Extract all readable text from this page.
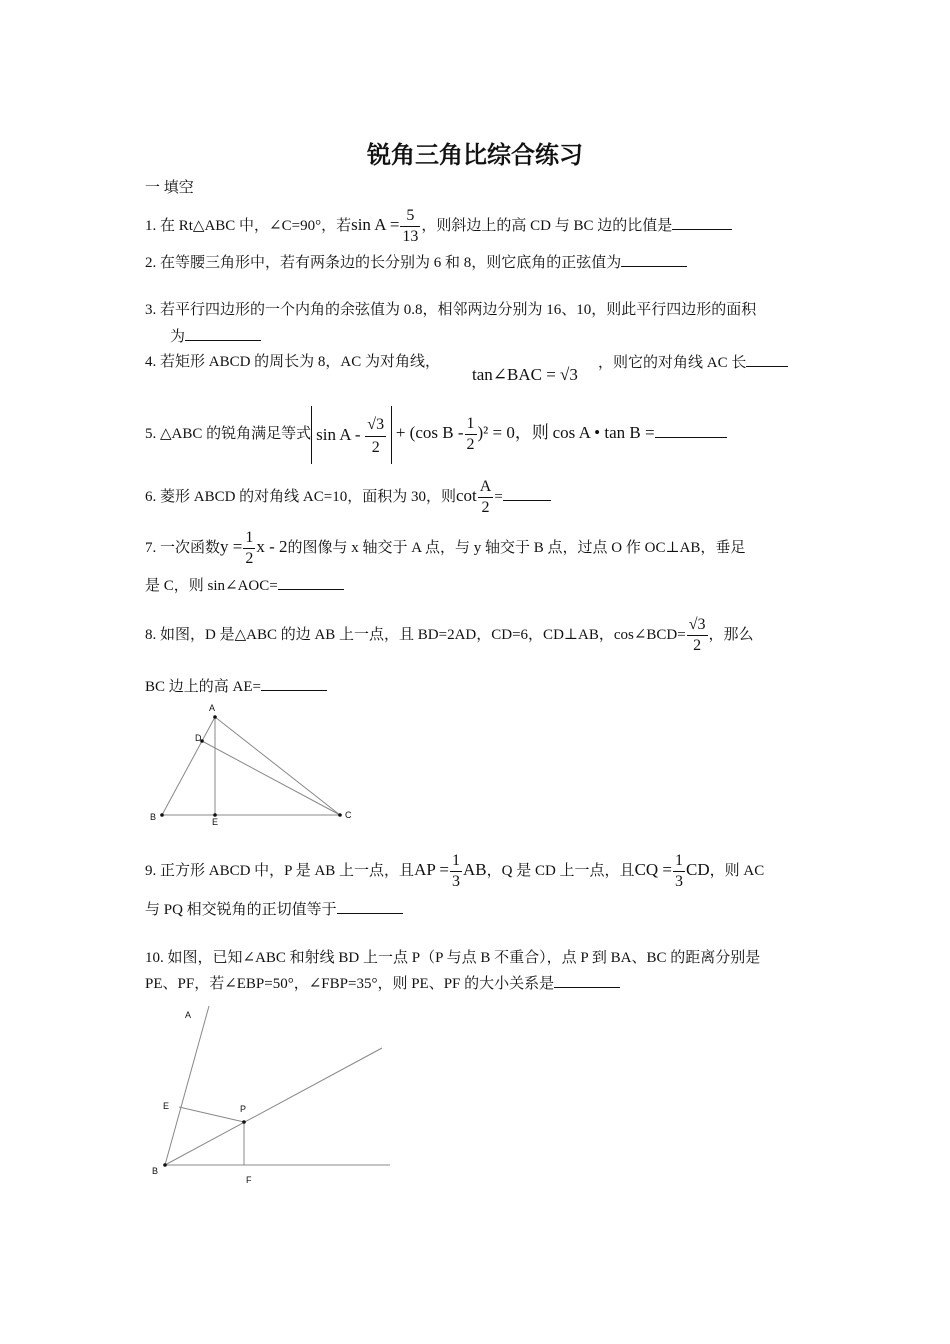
锐角三角比综合练习
一 填空
1. 在 Rt△ABC 中，∠C=90°，若$\sin A = \frac{5}{13}$ ，则斜边上的高 CD 与 BC 边的比值是
2. 在等腰三角形中，若有两条边的长分别为 6 和 8，则它底角的正弦值为
3. 若平行四边形的一个内角的余弦值为 0.8，相邻两边分别为 16、10，则此平行四边形的面积
为
4. 若矩形 ABCD 的周长为 8，AC 为对角线，
tan∠BAC = √3
，则它的对角线 AC 长
5. △ABC 的锐角满足等式 $\sin A - \frac{√3}{2} + (\cos$ $B - \frac{1}{2} )^2 = 0$，则 cos A • tan B =
6. 菱形 ABCD 的对角线 AC=10，面积为 30，则$\cot \frac{A}{2}$ =
7. 一次函数$y = \frac{1}{2}$ x - 2的图像与 x 轴交于 A 点，与 y 轴交于 B 点，过点 O 作 OC⊥AB，垂足
是 C，则 sin∠AOC=
8. 如图，D 是△ABC 的边 AB 上一点，且 BD=2AD，CD=6，CD⊥AB，cos∠BCD= $\frac{√3}{2}$ ，那么
BC 边上的高 AE=
A
D
B	E
C
9. 正方形 ABCD 中，P 是 AB 上一点，且AP = $\frac{1}{3}$ AB，Q 是 CD 上一点，且CQ = $\frac{1}{3}$ CD，则 AC
与 PQ 相交锐角的正切值等于
10. 如图，已知∠ABC 和射线 BD 上一点 P（P 与点 B 不重合），点 P 到 BA、BC 的距离分别是
PE、PF，若∠EBP=50°，∠FBP=35°，则 PE、PF 的大小关系是
A
E	P
B
F
